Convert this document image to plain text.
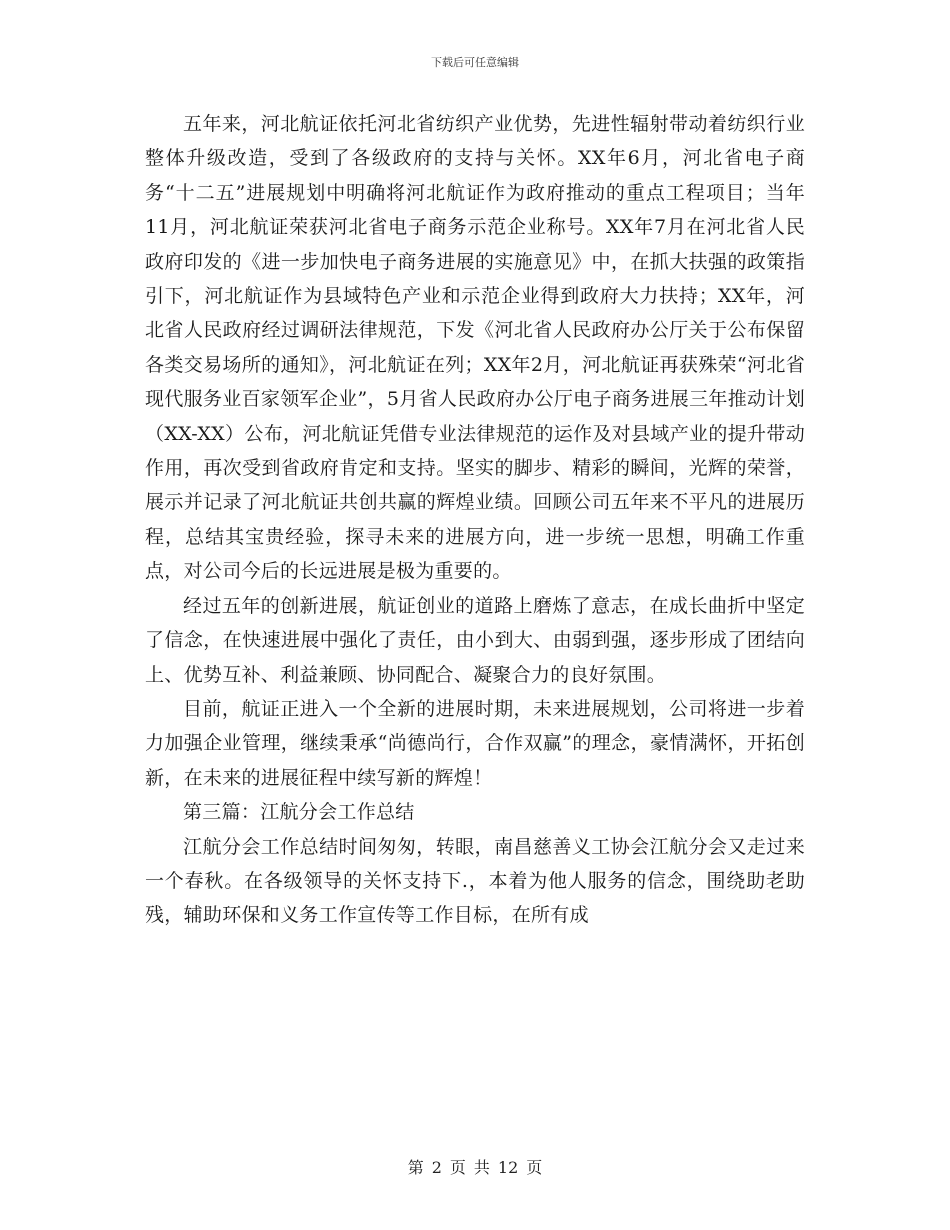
下载后可任意编辑

五年来，河北航证依托河北省纺织产业优势，先进性辐射带动着纺织行业整体升级改造，受到了各级政府的支持与关怀。XX年6月，河北省电子商务“十二五”进展规划中明确将河北航证作为政府推动的重点工程项目；当年11月，河北航证荣获河北省电子商务示范企业称号。XX年7月在河北省人民政府印发的《进一步加快电子商务进展的实施意见》中，在抓大扶强的政策指引下，河北航证作为县域特色产业和示范企业得到政府大力扶持；XX年，河北省人民政府经过调研法律规范，下发《河北省人民政府办公厅关于公布保留各类交易场所的通知》，河北航证在列；XX年2月，河北航证再获殊荣“河北省现代服务业百家领军企业”，5月省人民政府办公厅电子商务进展三年推动计划（XX-XX）公布，河北航证凭借专业法律规范的运作及对县域产业的提升带动作用，再次受到省政府肯定和支持。坚实的脚步、精彩的瞬间，光辉的荣誉，展示并记录了河北航证共创共赢的辉煌业绩。回顾公司五年来不平凡的进展历程，总结其宝贵经验，探寻未来的进展方向，进一步统一思想，明确工作重点，对公司今后的长远进展是极为重要的。

经过五年的创新进展，航证创业的道路上磨炼了意志，在成长曲折中坚定了信念，在快速进展中强化了责任，由小到大、由弱到强，逐步形成了团结向上、优势互补、利益兼顾、协同配合、凝聚合力的良好氛围。

目前，航证正进入一个全新的进展时期，未来进展规划，公司将进一步着力加强企业管理，继续秉承“尚德尚行，合作双赢”的理念，豪情满怀，开拓创新，在未来的进展征程中续写新的辉煌！

第三篇：江航分会工作总结

江航分会工作总结时间匆匆，转眼，南昌慈善义工协会江航分会又走过来一个春秋。在各级领导的关怀支持下.，本着为他人服务的信念，围绕助老助残，辅助环保和义务工作宣传等工作目标，在所有成

第 2 页 共 12 页
